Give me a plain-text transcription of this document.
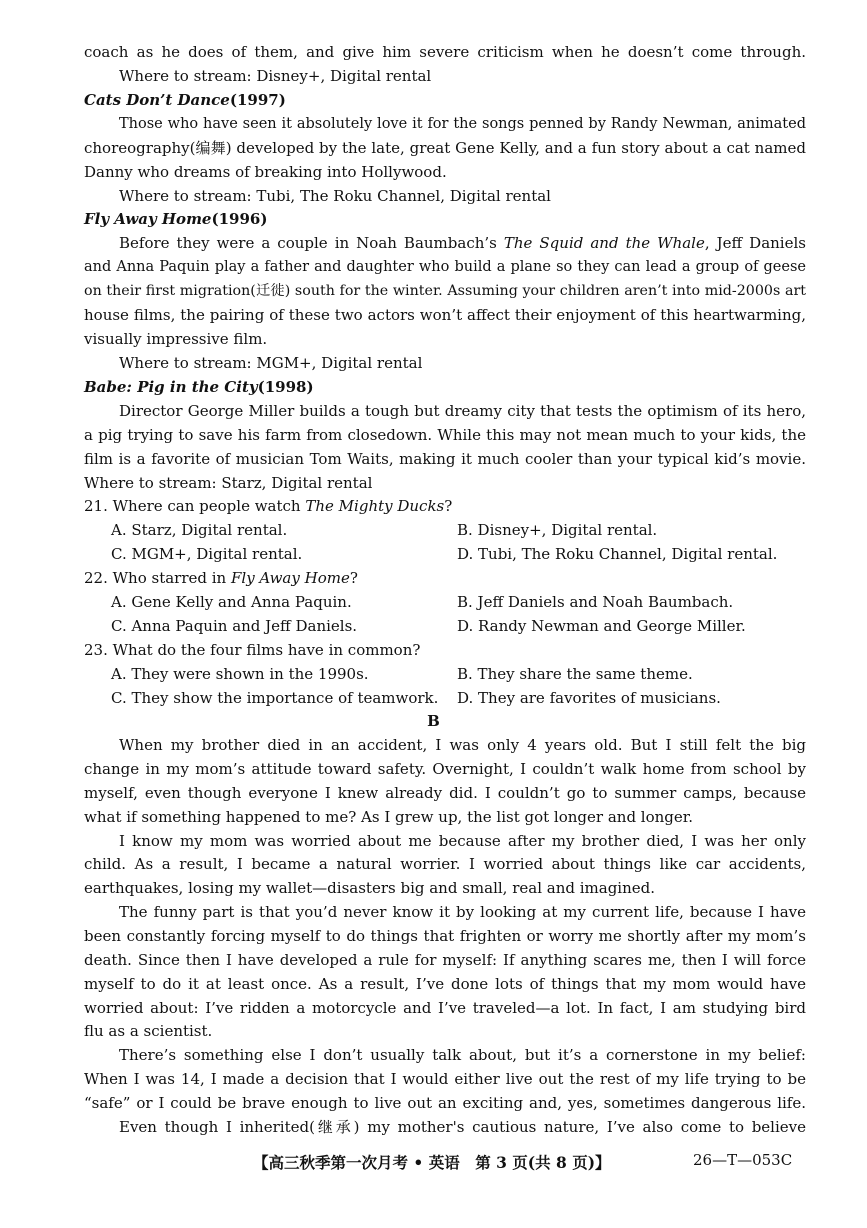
coach as he does of them, and give him severe criticism when he doesn’t come through.
Where to stream: Disney+, Digital rental
Cats Don’t Dance(1997)
Those who have seen it absolutely love it for the songs penned by Randy Newman, animated
choreography(编舞) developed by the late, great Gene Kelly, and a fun story about a cat named
Danny who dreams of breaking into Hollywood.
Where to stream: Tubi, The Roku Channel, Digital rental
Fly Away Home(1996)
Before they were a couple in Noah Baumbach’s The Squid and the Whale, Jeff Daniels
and Anna Paquin play a father and daughter who build a plane so they can lead a group of geese
on their first migration(迁徙) south for the winter. Assuming your children aren’t into mid-2000s art
house films, the pairing of these two actors won’t affect their enjoyment of this heartwarming,
visually impressive film.
Where to stream: MGM+, Digital rental
Babe: Pig in the City(1998)
Director George Miller builds a tough but dreamy city that tests the optimism of its hero,
a pig trying to save his farm from closedown. While this may not mean much to your kids, the
film is a favorite of musician Tom Waits, making it much cooler than your typical kid’s movie.
Where to stream: Starz, Digital rental
21. Where can people watch The Mighty Ducks?
A. Starz, Digital rental.	B. Disney+, Digital rental.
C. MGM+, Digital rental.	D. Tubi, The Roku Channel, Digital rental.
22. Who starred in Fly Away Home?
A. Gene Kelly and Anna Paquin.	B. Jeff Daniels and Noah Baumbach.
C. Anna Paquin and Jeff Daniels.	D. Randy Newman and George Miller.
23. What do the four films have in common?
A. They were shown in the 1990s.	B. They share the same theme.
C. They show the importance of teamwork. D. They are favorites of musicians.
B
When my brother died in an accident, I was only 4 years old. But I still felt the big
change in my mom’s attitude toward safety. Overnight, I couldn’t walk home from school by
myself, even though everyone I knew already did. I couldn’t go to summer camps, because
what if something happened to me? As I grew up, the list got longer and longer.
I know my mom was worried about me because after my brother died, I was her only
child. As a result, I became a natural worrier. I worried about things like car accidents,
earthquakes, losing my wallet—disasters big and small, real and imagined.
The funny part is that you’d never know it by looking at my current life, because I have
been constantly forcing myself to do things that frighten or worry me shortly after my mom’s
death. Since then I have developed a rule for myself: If anything scares me, then I will force
myself to do it at least once. As a result, I’ve done lots of things that my mom would have
worried about: I’ve ridden a motorcycle and I’ve traveled—a lot. In fact, I am studying bird
flu as a scientist.
There’s something else I don’t usually talk about, but it’s a cornerstone in my belief:
When I was 14, I made a decision that I would either live out the rest of my life trying to be
“safe” or I could be brave enough to live out an exciting and, yes, sometimes dangerous life.
Even though I inherited(继承) my mother's cautious nature, I’ve also come to believe
【高三秋季第一次月考 • 英语　第 3 页(共 8 页)】	26—T—053C
